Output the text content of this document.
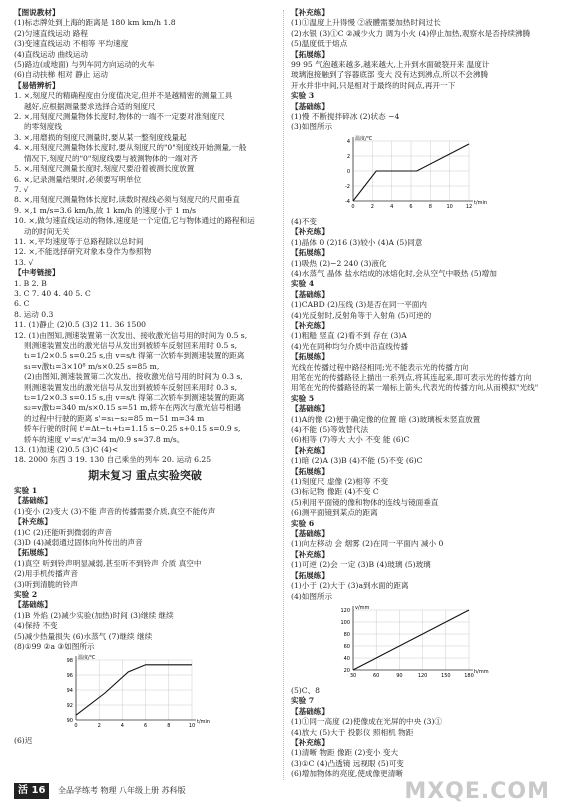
【图说教材】
(1)标志牌处到上海的距离是 180 km km/h 1.8
(2)匀速直线运动 路程
(3)变速直线运动 不相等 平均速度
(4)直线运动 曲线运动
(5)路边(或地面) 与列车同方向运动的火车
(6)自动扶梯 相对 静止 运动
【易错辨析】
1. ×,刻度尺的精确程度由分度值决定,但并不是越精密的测量工具
越好,应根据测量要求选择合适的刻度尺
2. ×,用刻度尺测量物体长度时,物体的一端不一定要对准刻度尺
的零刻度线
3. ×,用磨损的刻度尺测量时,要从某一整刻度线量起
4. ×,用刻度尺测量物体长度时,要从刻度尺的"0"刻度线开始测量,一般
情况下,刻度尺的"0"刻度线要与被测物体的一端对齐
5. ×,用刻度尺测量长度时,刻度尺要沿着被测长度放置
6. ×,记录测量结果时,必须要写明单位
7. √
8. ×,用刻度尺测量物体长度时,读数时视线必须与刻度尺的尺面垂直
9. ×,1 m/s=3.6 km/h,故 1 km/h 的速度小于 1 m/s
10. ×,做匀速直线运动的物体,速度是一个定值,它与物体通过的路程和运
动的时间无关
11. ×,平均速度等于总路程除以总时间
12. ×,不能选择研究对象本身作为参照物
13. √
【中考链接】
1. B 2. B
3. C 7. 40 4. 40 5. C
6. C
8. 运动 0.3
11. (1)静止 (2)0.5 (3)2 11. 36 1500
12. (1)由图知,测速装置第一次发出、接收激光信号用的时间为 0.5 s,
则测速装置发出的激光信号从发出到被轿车反射回来用时 0.5 s,
t₁=1/2×0.5 s=0.25 s,由 v=s/t 得第一次轿车到测速装置的距离
s₁=v激t₁=3×10⁸ m/s×0.25 s=85 m,
(2)由图知,测速装置第二次发出、接收激光信号用的时间为 0.3 s,
则测速装置发出的激光信号从发出到被轿车反射回来用时 0.3 s,
t₂=1/2×0.3 s=0.15 s,由 v=s/t 得第二次轿车到测速装置的距离
s₂=v激t₂=340 m/s×0.15 s=51 m,轿车在两次与激光信号相遇
的过程中行驶的距离 s'=s₁−s₂=85 m−51 m=34 m
轿车行驶的时间 t'=Δt−t₁+t₂=1.15 s−0.25 s+0.15 s=0.9 s,
轿车的速度 v'=s'/t'=34 m/0.9 s≈37.8 m/s。
13. (1)加速 (2)0.5 (3)C (4)<
18. 2000 东西 3 19. 130 自己乘坐的列车 20. 运动 6.25
期末复习 重点实验突破
实验 1
【基础练】
(1)变小 (2)变大 (3)不能 声音的传播需要介质,真空不能传声
【补充练】
(1)C (2)还能听到微弱的声音
(3)D (4)减弱通过固体向外传出的声音
【拓展练】
(1)真空 听到铃声明显减弱,甚至听不到铃声 介质 真空中
(2)用手机传播声音
(3)听到清脆的铃声
实验 2
【基础练】
(1)B 外焰 (2)减少实验(加热)时间 (3)继续 继续
(4)保持 不变
(5)减少热量损失 (6)水蒸气 (7)继续 继续
(8)①99 ②a ③如图所示
98
96
94
92
90
0	2	4	6	8	10
t/min
温度/℃
(6)迟
【补充练】
(1)①温度上升得慢 ②液體需要加热时间过长
(2)水银 (3)①C ②减少火力 调为小火 (4)停止加热,观察水是否持续沸腾
(5)温度低于熔点
【拓展练】
99 95 气泡越来越多,越来越大,上升到水面破裂开来 温度计
玻璃泡接触到了容器底部 变大 没有达到沸点,所以不会沸腾
开水并非中间,只是相对于最终的时间点,再开一下
实验 3
【基础练】
(1)慢 不断搅拌碎冰 (2)状态 −4
(3)如图所示
4
2
0
-2
-4
0	2	4	6	8	10	12
t/min
温度/℃
(4)不变
【补充练】
(1)晶体 0 (2)16 (3)较小 (4)A (5)同意
【拓展练】
(1)吸热 (2)−2 240 (3)液化
(4)水蒸气 晶体 盐水结成的冰熔化时,会从空气中吸热 (5)增加
实验 4
【基础练】
(1)CABD (2)压线 (3)是否在同一平面内
(4)光反射时,反射角等于入射角 (5)可逆的
【补充练】
(1)粗糙 竖直 (2)看不到 存在 (3)A
(4)光在同种均匀介质中沿直线传播
【拓展练】
光线在传播过程中路径相同;光不能表示光的传播方向
用笔在光的传播路径上描出一系列点,将其连起来,即可表示光的传播方向
用笔在光的传播路径的某一端标上箭头,代表光的传播方向,从而模拟"光线"
实验 5
【基础练】
(1)A的像 (2)便于确定像的位置 暗 (3)玻璃板未竖直放置
(4)不能 (5)等效替代法
(6)相等 (7)等大 大小 不变 能 (6)C
【补充练】
(1)暗 (2)A (3)B (4)不能 (5)不变 (6)C
【拓展练】
(1)刻度尺 虚像 (2)相等 不变
(3)标记物 像距 (4)不变 C
(5)利用平面镜的像和物体的连线与镜面垂直
(6)测平面镜到某点的距离
实验 6
【基础练】
(1)向左移动 会 烟雾 (2)在同一平面内 减小 0
【补充练】
(1)可逆 (2)会 一定 (3)B (4)玻璃 (5)玻璃
【拓展练】
(1)小于 (2)大于 (3)a到水面的距离
(4)如图所示
120
100
80
60
40
20
30	60	90	120	150	180
h/mm
v/mm
(5)C、8
实验 7
【基础练】
(1)①同一高度 (2)使像成在光屏的中央 (3)①
(4)放大 (5)大于 投影仪 照相机 物距
【补充练】
(1)清晰 物距 像距 (2)变小 变大
(3)①C (4)凸透镜 远视眼 (5)可变
(6)增加物体的亮度,使成像更清晰
活 16 全品学练考 物理 八年级上册 苏科版	MXQE.COM
